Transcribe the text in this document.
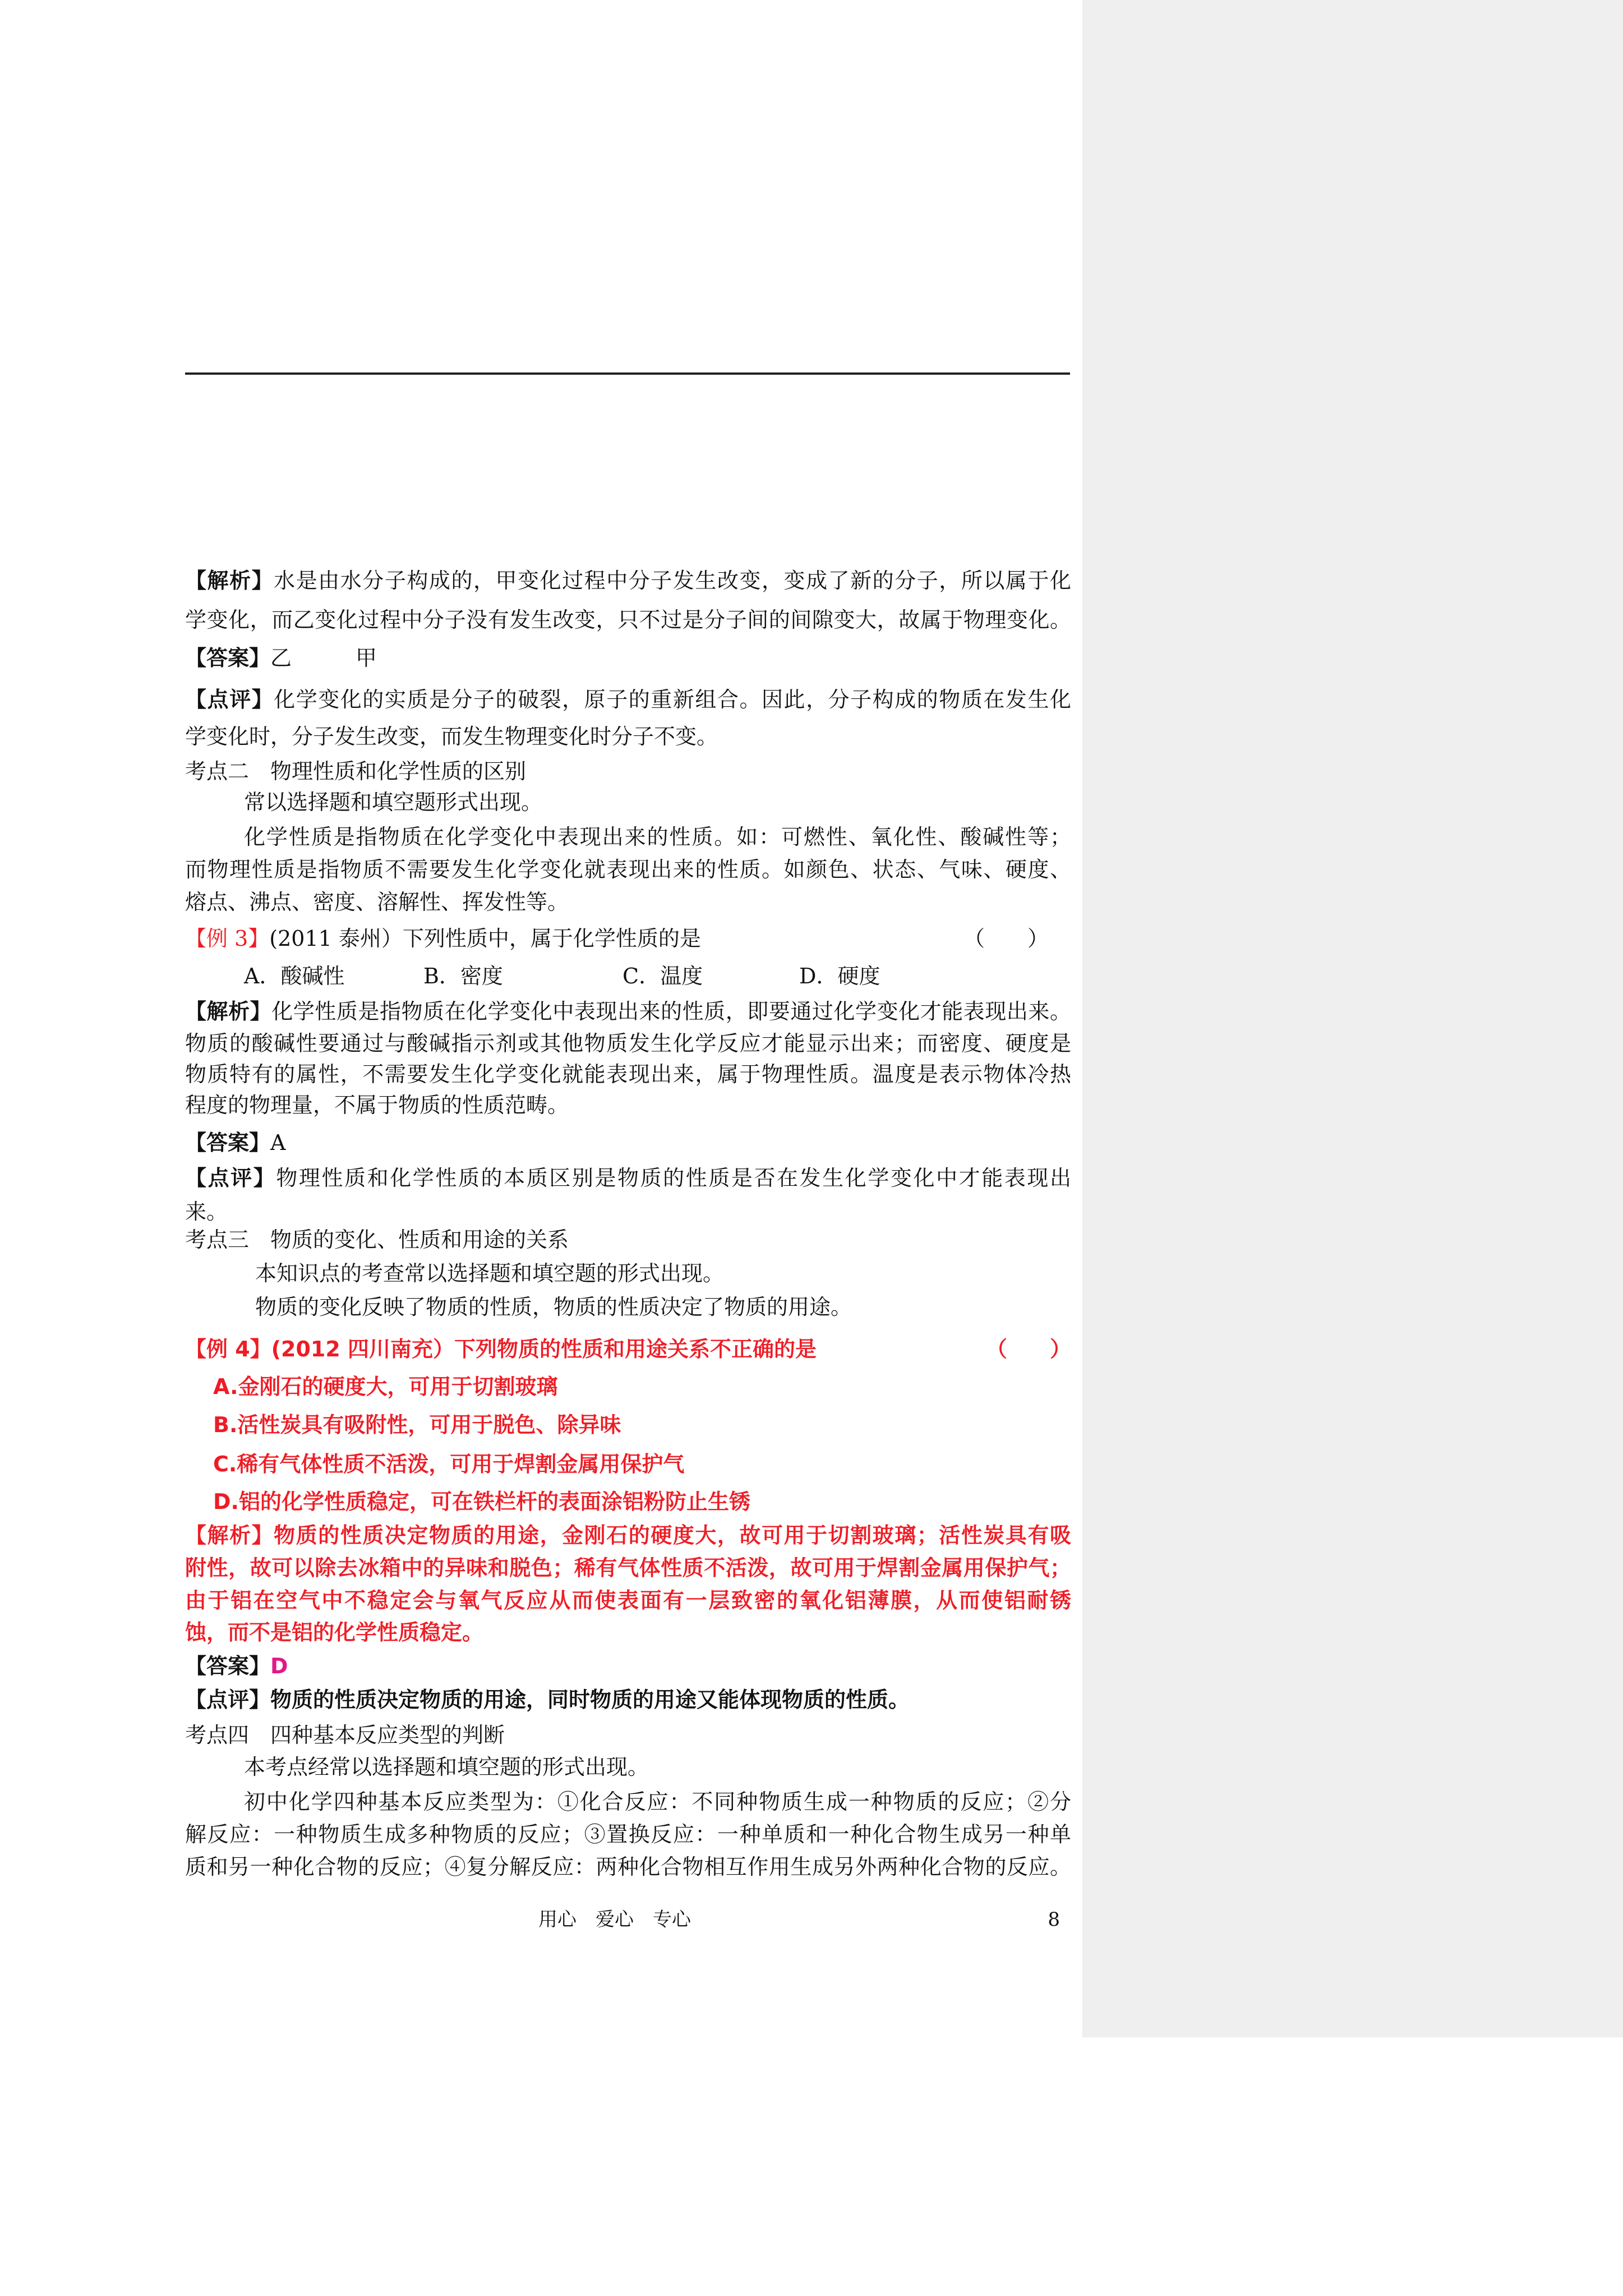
【解析】水是由水分子构成的，甲变化过程中分子发生改变，变成了新的分子，所以属于化
学变化，而乙变化过程中分子没有发生改变，只不过是分子间的间隙变大，故属于物理变化。
【答案】乙　　　甲
【点评】化学变化的实质是分子的破裂，原子的重新组合。因此，分子构成的物质在发生化
学变化时，分子发生改变，而发生物理变化时分子不变。
考点二　物理性质和化学性质的区别
常以选择题和填空题形式出现。
化学性质是指物质在化学变化中表现出来的性质。如：可燃性、氧化性、酸碱性等；
而物理性质是指物质不需要发生化学变化就表现出来的性质。如颜色、状态、气味、硬度、
熔点、沸点、密度、溶解性、挥发性等。
【例 3】(2011 泰州）下列性质中，属于化学性质的是	（　　）
A．酸碱性	B．密度	C．温度	D．硬度
【解析】化学性质是指物质在化学变化中表现出来的性质，即要通过化学变化才能表现出来。
物质的酸碱性要通过与酸碱指示剂或其他物质发生化学反应才能显示出来；而密度、硬度是
物质特有的属性，不需要发生化学变化就能表现出来，属于物理性质。温度是表示物体冷热
程度的物理量，不属于物质的性质范畴。
【答案】A
【点评】物理性质和化学性质的本质区别是物质的性质是否在发生化学变化中才能表现出
来。
考点三　物质的变化、性质和用途的关系
本知识点的考查常以选择题和填空题的形式出现。
物质的变化反映了物质的性质，物质的性质决定了物质的用途。
【例 4】(2012 四川南充）下列物质的性质和用途关系不正确的是	（　　）
A.金刚石的硬度大，可用于切割玻璃
B.活性炭具有吸附性，可用于脱色、除异味
C.稀有气体性质不活泼，可用于焊割金属用保护气
D.铝的化学性质稳定，可在铁栏杆的表面涂铝粉防止生锈
【解析】物质的性质决定物质的用途，金刚石的硬度大，故可用于切割玻璃；活性炭具有吸
附性，故可以除去冰箱中的异味和脱色；稀有气体性质不活泼，故可用于焊割金属用保护气；
由于铝在空气中不稳定会与氧气反应从而使表面有一层致密的氧化铝薄膜，从而使铝耐锈
蚀，而不是铝的化学性质稳定。
【答案】D
【点评】物质的性质决定物质的用途，同时物质的用途又能体现物质的性质。
考点四　四种基本反应类型的判断
本考点经常以选择题和填空题的形式出现。
初中化学四种基本反应类型为：①化合反应：不同种物质生成一种物质的反应；②分
解反应：一种物质生成多种物质的反应；③置换反应：一种单质和一种化合物生成另一种单
质和另一种化合物的反应；④复分解反应：两种化合物相互作用生成另外两种化合物的反应。
用心　爱心　专心	8
